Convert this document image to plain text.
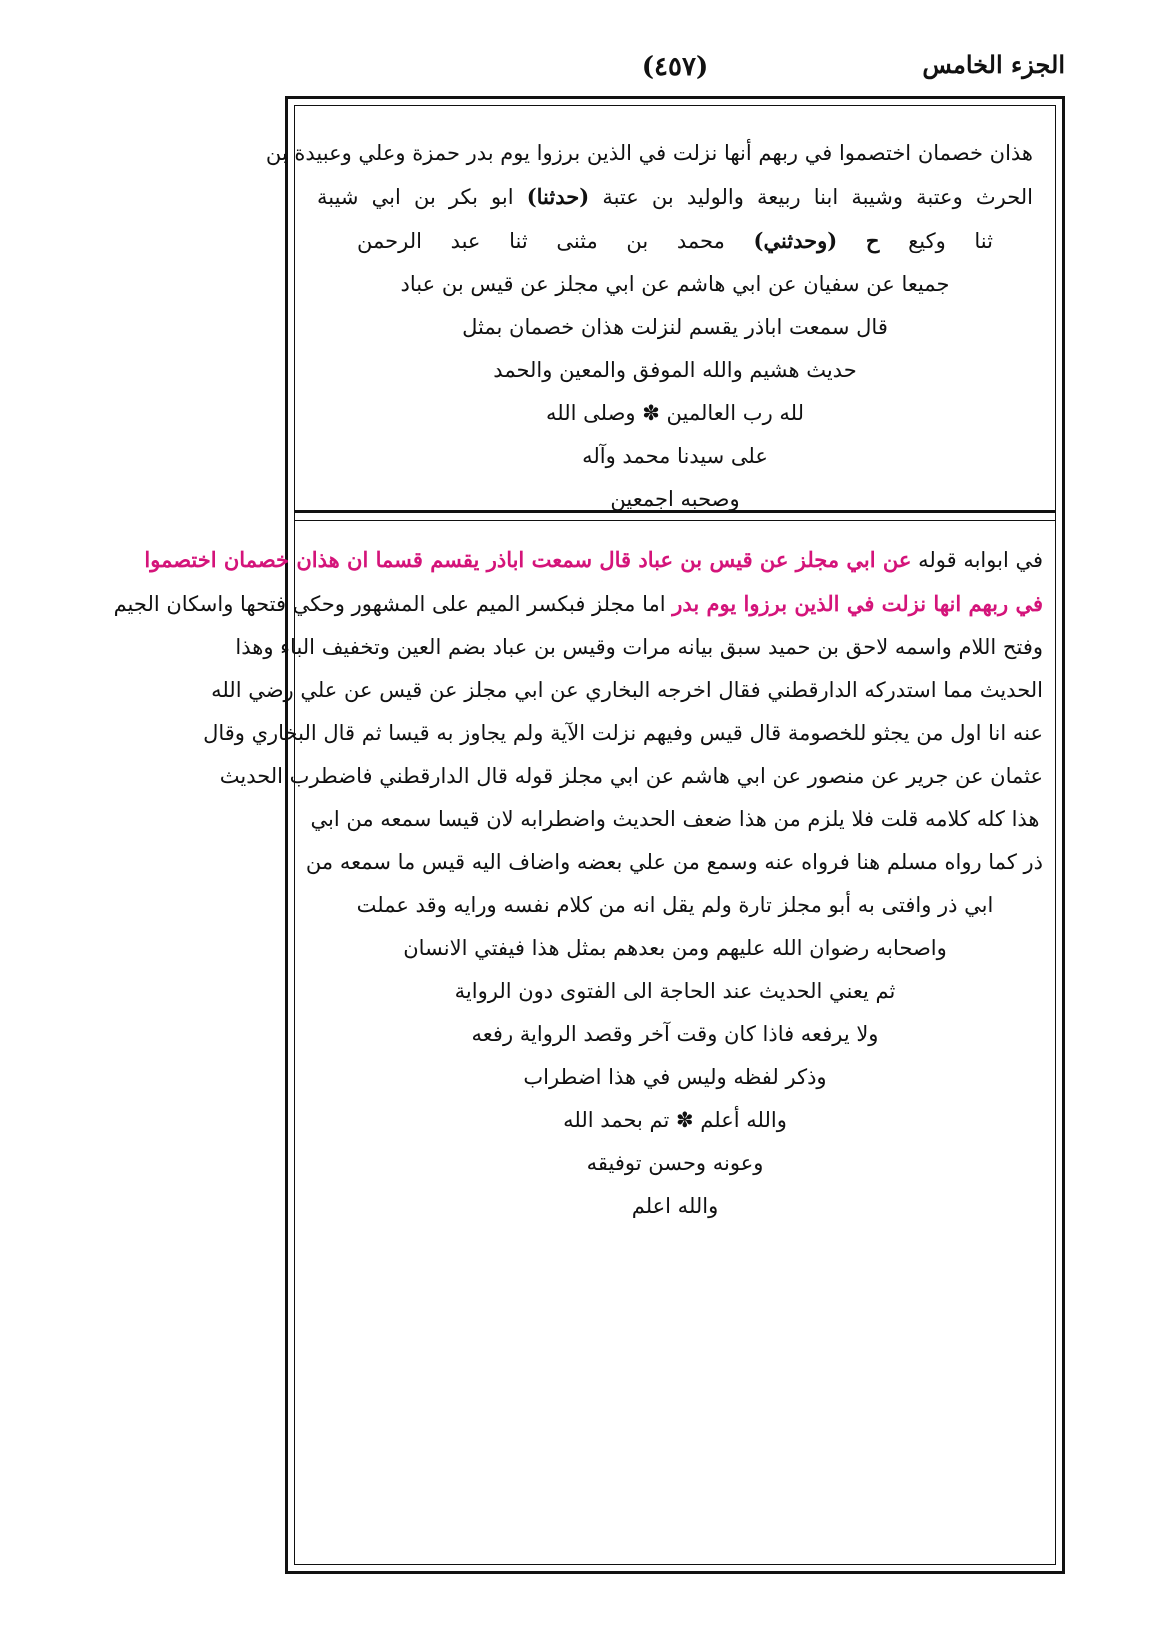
الجزء الخامس
(٤٥٧)
هذان خصمان اختصموا في ربهم أنها نزلت في الذين برزوا يوم بدر حمزة وعلي وعبيدة بن
الحرث وعتبة وشيبة ابنا ربيعة والوليد بن عتبة (حدثنا) ابو بكر بن ابي شيبة
ثنا وكيع ح (وحدثني) محمد بن مثنى ثنا عبد الرحمن
جميعا عن سفيان عن ابي هاشم عن ابي مجلز عن قيس بن عباد
قال سمعت اباذر يقسم لنزلت هذان خصمان بمثل
حديث هشيم والله الموفق والمعين والحمد
لله رب العالمين ✽ وصلى الله
على سيدنا محمد وآله
وصحبه اجمعين
في ابوابه قوله عن ابي مجلز عن قيس بن عباد قال سمعت اباذر يقسم قسما ان هذان خصمان اختصموا
في ربهم انها نزلت في الذين برزوا يوم بدر اما مجلز فبكسر الميم على المشهور وحكي فتحها واسكان الجيم
وفتح اللام واسمه لاحق بن حميد سبق بيانه مرات وقيس بن عباد بضم العين وتخفيف الباء وهذا
الحديث مما استدركه الدارقطني فقال اخرجه البخاري عن ابي مجلز عن قيس عن علي رضي الله
عنه انا اول من يجثو للخصومة قال قيس وفيهم نزلت الآية ولم يجاوز به قيسا ثم قال البخاري وقال
عثمان عن جرير عن منصور عن ابي هاشم عن ابي مجلز قوله قال الدارقطني فاضطرب الحديث
هذا كله كلامه قلت فلا يلزم من هذا ضعف الحديث واضطرابه لان قيسا سمعه من ابي
ذر كما رواه مسلم هنا فرواه عنه وسمع من علي بعضه واضاف اليه قيس ما سمعه من
ابي ذر وافتى به أبو مجلز تارة ولم يقل انه من كلام نفسه ورايه وقد عملت
واصحابه رضوان الله عليهم ومن بعدهم بمثل هذا فيفتي الانسان
ثم يعني الحديث عند الحاجة الى الفتوى دون الرواية
ولا يرفعه فاذا كان وقت آخر وقصد الرواية رفعه
وذكر لفظه وليس في هذا اضطراب
والله أعلم ✽ تم بحمد الله
وعونه وحسن توفيقه
والله اعلم
